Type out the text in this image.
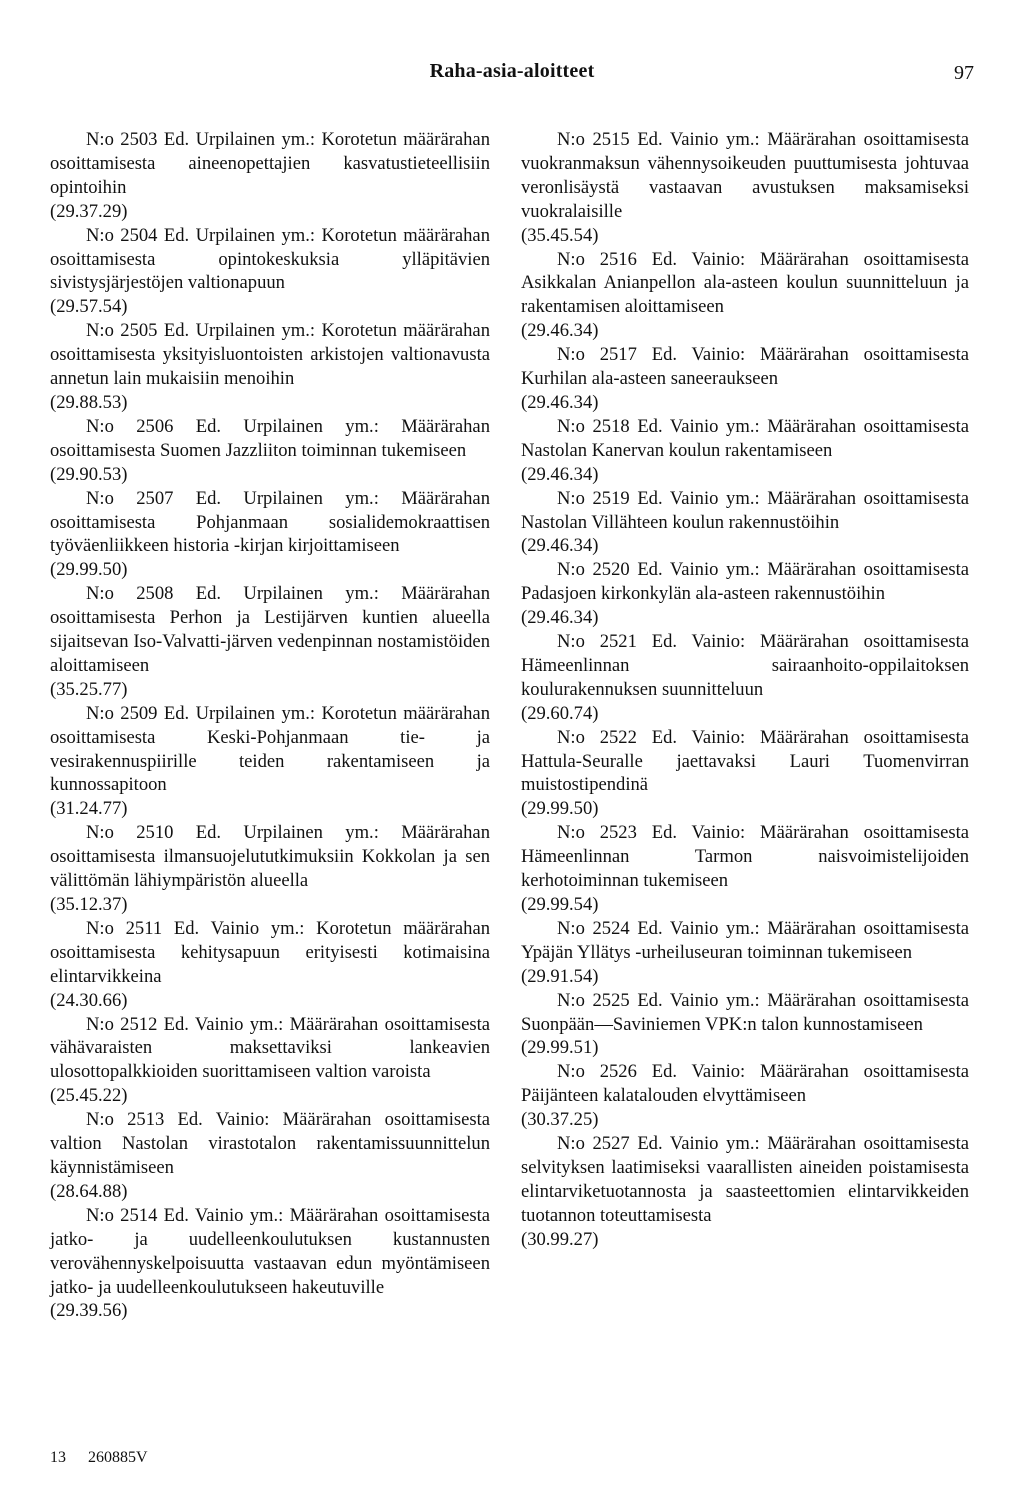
Raha-asia-aloitteet	97

N:o 2503 Ed. Urpilainen ym.: Korotetun määrärahan osoittamisesta aineenopettajien kasvatustieteellisiin opintoihin
(29.37.29)

N:o 2504 Ed. Urpilainen ym.: Korotetun määrärahan osoittamisesta opintokeskuksia ylläpitävien sivistysjärjestöjen valtionapuun
(29.57.54)

N:o 2505 Ed. Urpilainen ym.: Korotetun määrärahan osoittamisesta yksityisluontoisten arkistojen valtionavusta annetun lain mukaisiin menoihin
(29.88.53)

N:o 2506 Ed. Urpilainen ym.: Määrärahan osoittamisesta Suomen Jazzliiton toiminnan tukemiseen
(29.90.53)

N:o 2507 Ed. Urpilainen ym.: Määrärahan osoittamisesta Pohjanmaan sosialidemokraattisen työväenliikkeen historia -kirjan kirjoittamiseen
(29.99.50)

N:o 2508 Ed. Urpilainen ym.: Määrärahan osoittamisesta Perhon ja Lestijärven kuntien alueella sijaitsevan Iso-Valvatti-järven vedenpinnan nostamistöiden aloittamiseen
(35.25.77)

N:o 2509 Ed. Urpilainen ym.: Korotetun määrärahan osoittamisesta Keski-Pohjanmaan tie- ja vesirakennuspiirille teiden rakentamiseen ja kunnossapitoon
(31.24.77)

N:o 2510 Ed. Urpilainen ym.: Määrärahan osoittamisesta ilmansuojelututkimuksiin Kokkolan ja sen välittömän lähiympäristön alueella
(35.12.37)

N:o 2511 Ed. Vainio ym.: Korotetun määrärahan osoittamisesta kehitysapuun erityisesti kotimaisina elintarvikkeina
(24.30.66)

N:o 2512 Ed. Vainio ym.: Määrärahan osoittamisesta vähävaraisten maksettaviksi lankeavien ulosottopalkkioiden suorittamiseen valtion varoista
(25.45.22)

N:o 2513 Ed. Vainio: Määrärahan osoittamisesta valtion Nastolan virastotalon rakentamissuunnittelun käynnistämiseen
(28.64.88)

N:o 2514 Ed. Vainio ym.: Määrärahan osoittamisesta jatko- ja uudelleenkoulutuksen kustannusten verovähennyskelpoisuutta vastaavan edun myöntämiseen jatko- ja uudelleenkoulutukseen hakeutuville
(29.39.56)

N:o 2515 Ed. Vainio ym.: Määrärahan osoittamisesta vuokranmaksun vähennysoikeuden puuttumisesta johtuvaa veronlisäystä vastaavan avustuksen maksamiseksi vuokralaisille
(35.45.54)

N:o 2516 Ed. Vainio: Määrärahan osoittamisesta Asikkalan Anianpellon ala-asteen koulun suunnitteluun ja rakentamisen aloittamiseen
(29.46.34)

N:o 2517 Ed. Vainio: Määrärahan osoittamisesta Kurhilan ala-asteen saneeraukseen
(29.46.34)

N:o 2518 Ed. Vainio ym.: Määrärahan osoittamisesta Nastolan Kanervan koulun rakentamiseen
(29.46.34)

N:o 2519 Ed. Vainio ym.: Määrärahan osoittamisesta Nastolan Villähteen koulun rakennustöihin
(29.46.34)

N:o 2520 Ed. Vainio ym.: Määrärahan osoittamisesta Padasjoen kirkonkylän ala-asteen rakennustöihin
(29.46.34)

N:o 2521 Ed. Vainio: Määrärahan osoittamisesta Hämeenlinnan sairaanhoito-oppilaitoksen koulurakennuksen suunnitteluun
(29.60.74)

N:o 2522 Ed. Vainio: Määrärahan osoittamisesta Hattula-Seuralle jaettavaksi Lauri Tuomenvirran muistostipendinä
(29.99.50)

N:o 2523 Ed. Vainio: Määrärahan osoittamisesta Hämeenlinnan Tarmon naisvoimistelijoiden kerhotoiminnan tukemiseen
(29.99.54)

N:o 2524 Ed. Vainio ym.: Määrärahan osoittamisesta Ypäjän Yllätys -urheiluseuran toiminnan tukemiseen
(29.91.54)

N:o 2525 Ed. Vainio ym.: Määrärahan osoittamisesta Suonpään—Saviniemen VPK:n talon kunnostamiseen
(29.99.51)

N:o 2526 Ed. Vainio: Määrärahan osoittamisesta Päijänteen kalatalouden elvyttämiseen
(30.37.25)

N:o 2527 Ed. Vainio ym.: Määrärahan osoittamisesta selvityksen laatimiseksi vaarallisten aineiden poistamisesta elintarviketuotannosta ja saasteettomien elintarvikkeiden tuotannon toteuttamisesta
(30.99.27)

13 260885V
